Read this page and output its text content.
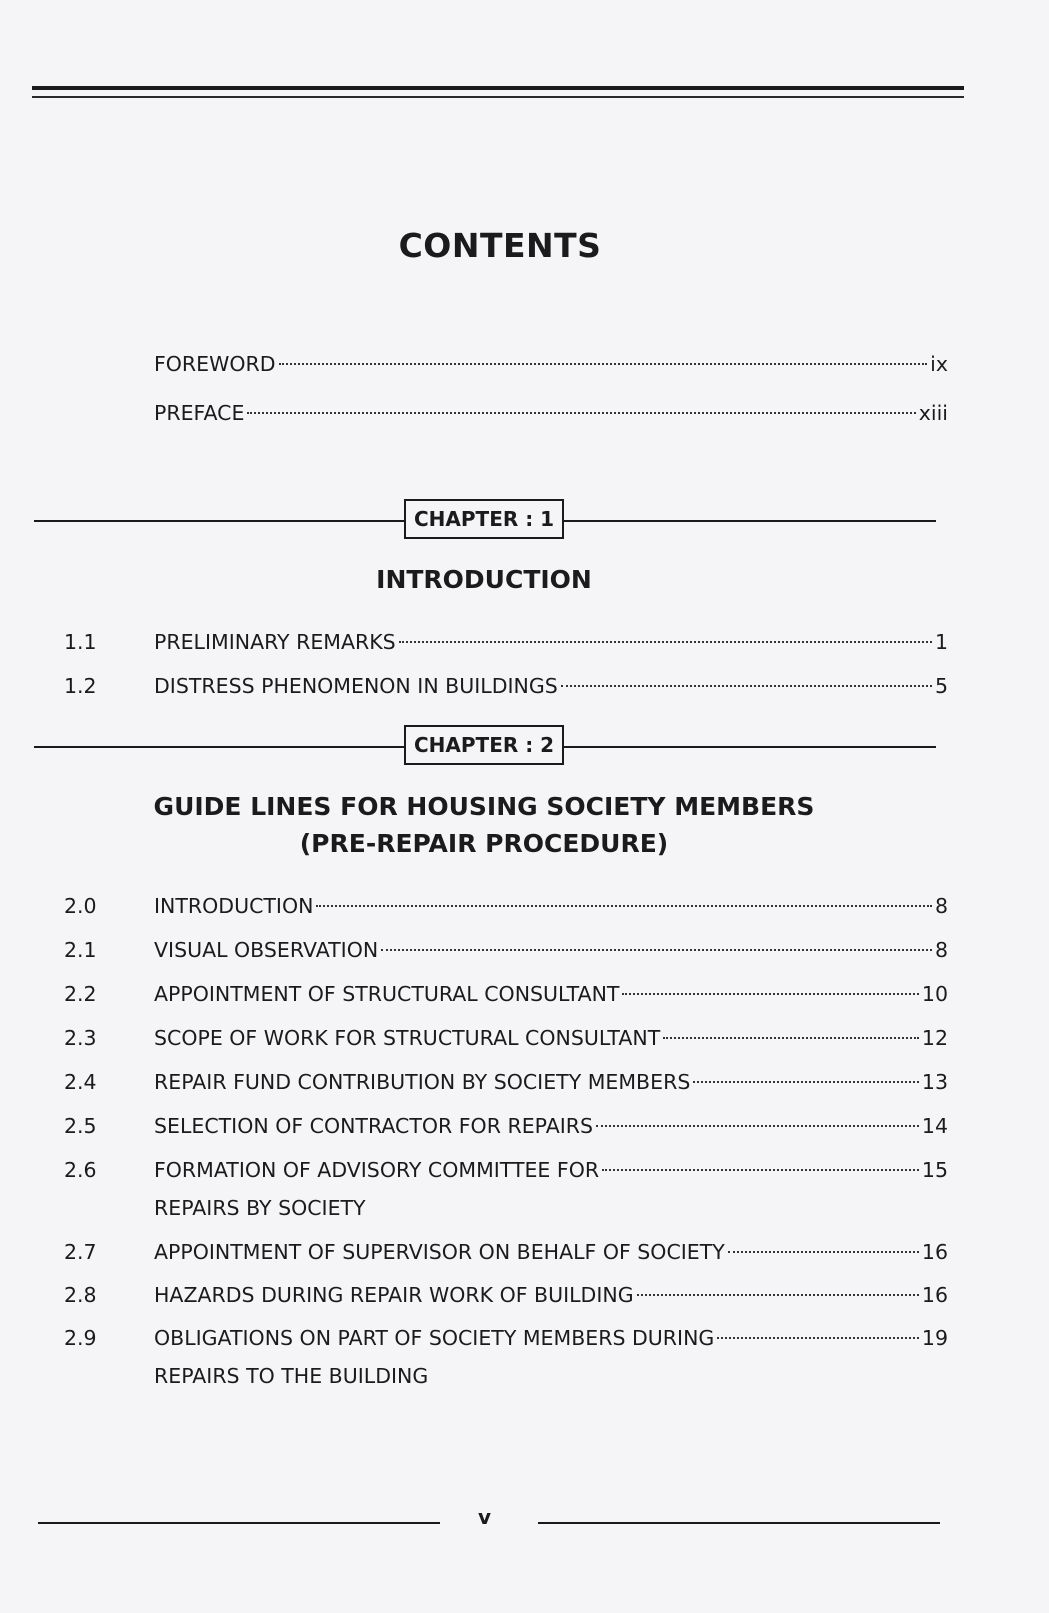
CONTENTS
FOREWORD	ix
PREFACE	xiii
CHAPTER : 1
INTRODUCTION
1.1	PRELIMINARY REMARKS	1
1.2	DISTRESS PHENOMENON IN BUILDINGS	5
CHAPTER : 2
GUIDE LINES FOR HOUSING SOCIETY MEMBERS
(PRE-REPAIR PROCEDURE)
2.0	INTRODUCTION	8
2.1	VISUAL OBSERVATION	8
2.2	APPOINTMENT OF STRUCTURAL CONSULTANT	10
2.3	SCOPE OF WORK FOR STRUCTURAL CONSULTANT	12
2.4	REPAIR FUND CONTRIBUTION BY SOCIETY MEMBERS	13
2.5	SELECTION OF CONTRACTOR FOR REPAIRS	14
2.6	FORMATION OF ADVISORY COMMITTEE FOR	15
REPAIRS BY SOCIETY
2.7	APPOINTMENT OF SUPERVISOR ON BEHALF OF SOCIETY	16
2.8	HAZARDS DURING REPAIR WORK OF BUILDING	16
2.9	OBLIGATIONS ON PART OF SOCIETY MEMBERS DURING	19
REPAIRS TO THE BUILDING
v
